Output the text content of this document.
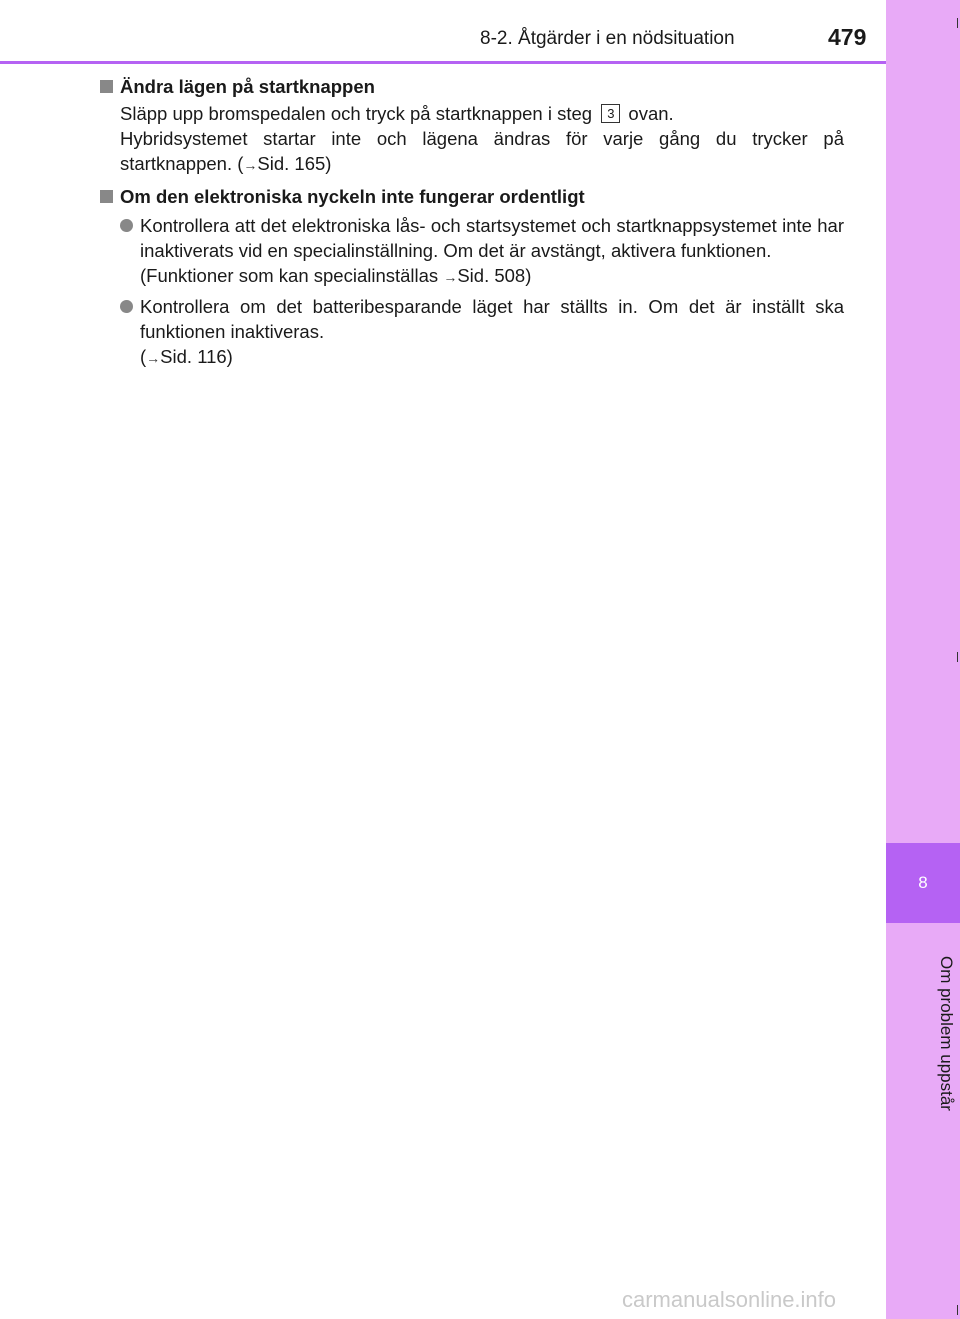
8
Om problem uppstår
8-2. Åtgärder i en nödsituation	479
Ändra lägen på startknappen
Släpp upp bromspedalen och tryck på startknappen i steg 3 ovan.
Hybridsystemet startar inte och lägena ändras för varje gång du trycker på startknappen. (→Sid. 165)
Om den elektroniska nyckeln inte fungerar ordentligt
Kontrollera att det elektroniska lås- och startsystemet och startknappsystemet inte har inaktiverats vid en specialinställning. Om det är avstängt, aktivera funktionen.
(Funktioner som kan specialinställas →Sid. 508)
Kontrollera om det batteribesparande läget har ställts in. Om det är inställt ska funktionen inaktiveras.
(→Sid. 116)
carmanualsonline.info
